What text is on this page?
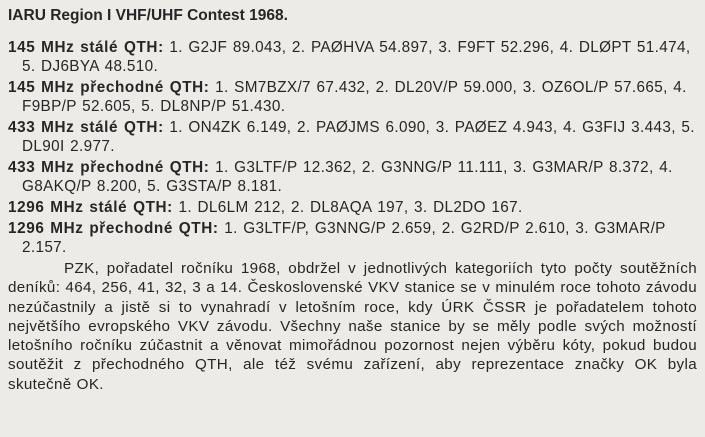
IARU Region I VHF/UHF Contest 1968.
145 MHz stálé QTH: 1. G2JF 89.043, 2. PAØHVA 54.897, 3. F9FT 52.296, 4. DLØPT 51.474, 5. DJ6BYA 48.510.
145 MHz přechodné QTH: 1. SM7BZX/7 67.432, 2. DL20V/P 59.000, 3. OZ6OL/P 57.665, 4. F9BP/P 52.605, 5. DL8NP/P 51.430.
433 MHz stálé QTH: 1. ON4ZK 6.149, 2. PAØJMS 6.090, 3. PAØEZ 4.943, 4. G3FIJ 3.443, 5. DL90I 2.977.
433 MHz přechodné QTH: 1. G3LTF/P 12.362, 2. G3NNG/P 11.111, 3. G3MAR/P 8.372, 4. G8AKQ/P 8.200, 5. G3STA/P 8.181.
1296 MHz stálé QTH: 1. DL6LM 212, 2. DL8AQA 197, 3. DL2DO 167.
1296 MHz přechodné QTH: 1. G3LTF/P, G3NNG/P 2.659, 2. G2RD/P 2.610, 3. G3MAR/P 2.157.

PZK, pořadatel ročníku 1968, obdržel v jednotlivých kategoriích tyto počty soutěžních deníků: 464, 256, 41, 32, 3 a 14. Československé VKV stanice se v minulém roce tohoto závodu nezúčastnily a jistě si to vynahradí v letošním roce, kdy ÚRK ČSSR je pořadatelem tohoto největšího evropského VKV závodu. Všechny naše stanice by se měly podle svých možností letošního ročníku zúčastnit a věnovat mimořádnou pozornost nejen výběru kóty, pokud budou soutěžit z přechodného QTH, ale též svému zařízení, aby reprezentace značky OK byla skutečně OK.
